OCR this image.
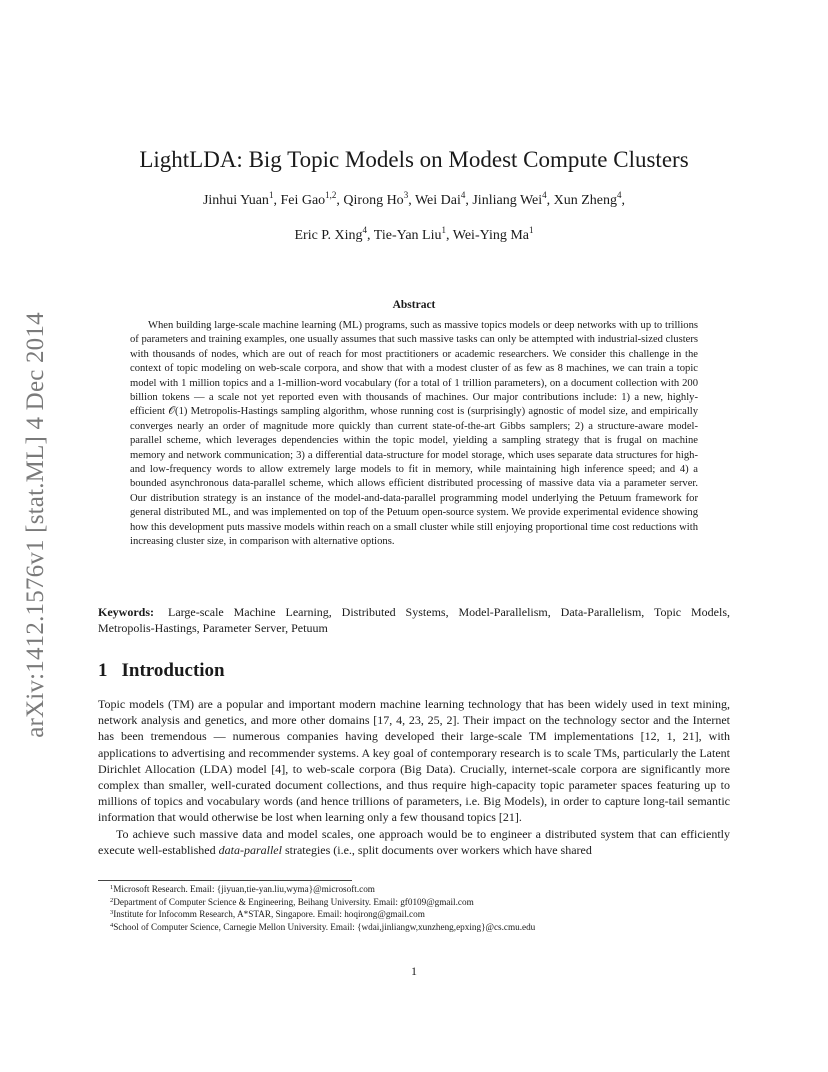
arXiv:1412.1576v1 [stat.ML] 4 Dec 2014
LightLDA: Big Topic Models on Modest Compute Clusters
Jinhui Yuan$^1$, Fei Gao$^{1,2}$, Qirong Ho$^3$, Wei Dai$^4$, Jinliang Wei$^4$, Xun Zheng$^4$,
Eric P. Xing$^4$, Tie-Yan Liu$^1$, Wei-Ying Ma$^1$
Abstract

When building large-scale machine learning (ML) programs, such as massive topics models or deep networks with up to trillions of parameters and training examples, one usually assumes that such massive tasks can only be attempted with industrial-sized clusters with thousands of nodes, which are out of reach for most practitioners or academic researchers. We consider this challenge in the context of topic modeling on web-scale corpora, and show that with a modest cluster of as few as 8 machines, we can train a topic model with 1 million topics and a 1-million-word vocabulary (for a total of 1 trillion parameters), on a document collection with 200 billion tokens — a scale not yet reported even with thousands of machines. Our major contributions include: 1) a new, highly-efficient 𝒪(1) Metropolis-Hastings sampling algorithm, whose running cost is (surprisingly) agnostic of model size, and empirically converges nearly an order of magnitude more quickly than current state-of-the-art Gibbs samplers; 2) a structure-aware model-parallel scheme, which leverages dependencies within the topic model, yielding a sampling strategy that is frugal on machine memory and network communication; 3) a differential data-structure for model storage, which uses separate data structures for high- and low-frequency words to allow extremely large models to fit in memory, while maintaining high inference speed; and 4) a bounded asynchronous data-parallel scheme, which allows efficient distributed processing of massive data via a parameter server. Our distribution strategy is an instance of the model-and-data-parallel programming model underlying the Petuum framework for general distributed ML, and was implemented on top of the Petuum open-source system. We provide experimental evidence showing how this development puts massive models within reach on a small cluster while still enjoying proportional time cost reductions with increasing cluster size, in comparison with alternative options.

Keywords: Large-scale Machine Learning, Distributed Systems, Model-Parallelism, Data-Parallelism, Topic Models, Metropolis-Hastings, Parameter Server, Petuum

1 Introduction

Topic models (TM) are a popular and important modern machine learning technology that has been widely used in text mining, network analysis and genetics, and more other domains [17, 4, 23, 25, 2]. Their impact on the technology sector and the Internet has been tremendous — numerous companies having developed their large-scale TM implementations [12, 1, 21], with applications to advertising and recommender systems. A key goal of contemporary research is to scale TMs, particularly the Latent Dirichlet Allocation (LDA) model [4], to web-scale corpora (Big Data). Crucially, internet-scale corpora are significantly more complex than smaller, well-curated document collections, and thus require high-capacity topic parameter spaces featuring up to millions of topics and vocabulary words (and hence trillions of parameters, i.e. Big Models), in order to capture long-tail semantic information that would otherwise be lost when learning only a few thousand topics [21].

To achieve such massive data and model scales, one approach would be to engineer a distributed system that can efficiently execute well-established data-parallel strategies (i.e., split documents over workers which have shared

$^1$Microsoft Research. Email: {jiyuan,tie-yan.liu,wyma}@microsoft.com
$^2$Department of Computer Science & Engineering, Beihang University. Email: gf0109@gmail.com
$^3$Institute for Infocomm Research, A*STAR, Singapore. Email: hoqirong@gmail.com
$^4$School of Computer Science, Carnegie Mellon University. Email: {wdai,jinliangw,xunzheng,epxing}@cs.cmu.edu
1
